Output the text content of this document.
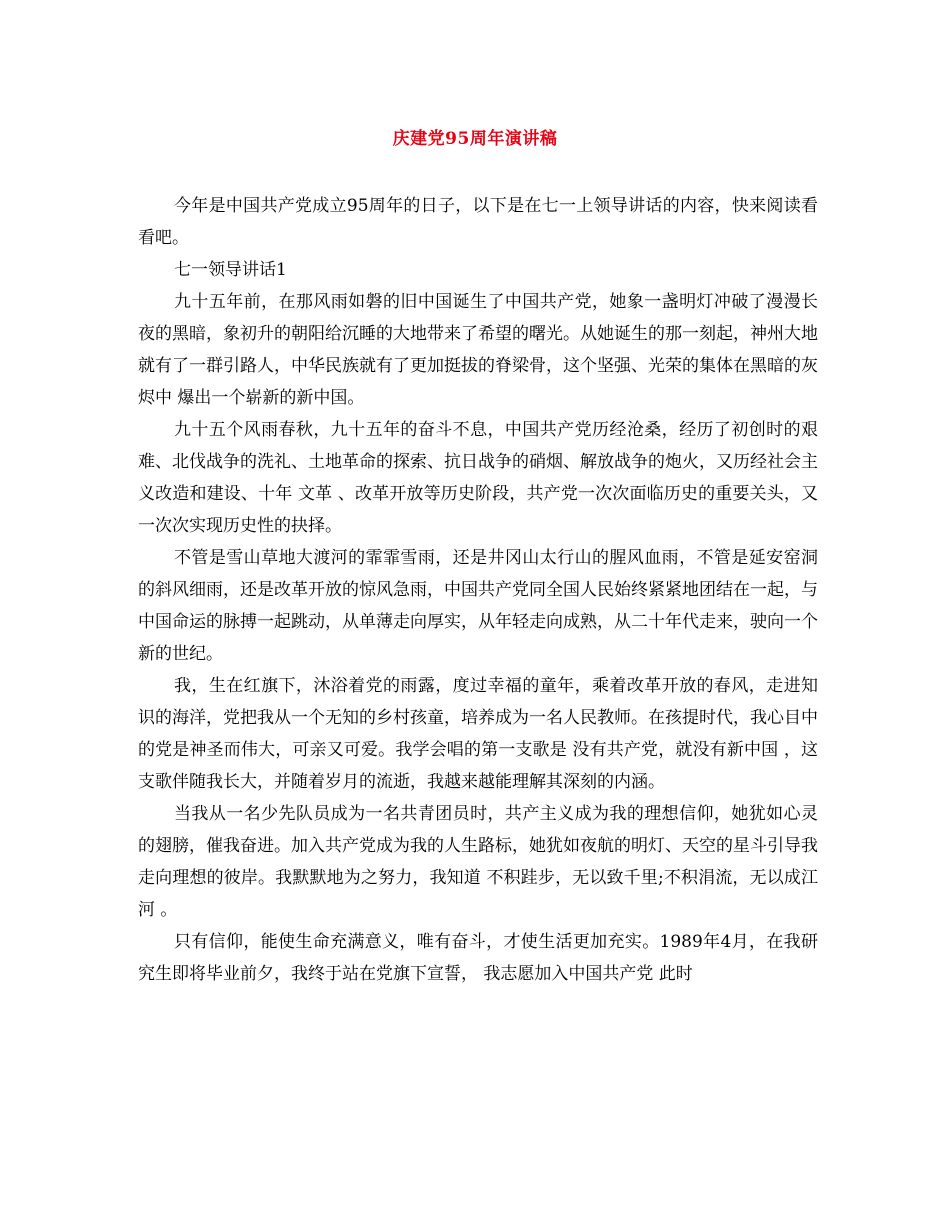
庆建党95周年演讲稿

今年是中国共产党成立95周年的日子，以下是在七一上领导讲话的内容，快来阅读看看吧。

七一领导讲话1

九十五年前，在那风雨如磐的旧中国诞生了中国共产党，她象一盏明灯冲破了漫漫长夜的黑暗，象初升的朝阳给沉睡的大地带来了希望的曙光。从她诞生的那一刻起，神州大地就有了一群引路人，中华民族就有了更加挺拔的脊梁骨，这个坚强、光荣的集体在黑暗的灰烬中 爆出一个崭新的新中国。

九十五个风雨春秋，九十五年的奋斗不息，中国共产党历经沧桑，经历了初创时的艰难、北伐战争的洗礼、土地革命的探索、抗日战争的硝烟、解放战争的炮火，又历经社会主义改造和建设、十年 文革 、改革开放等历史阶段，共产党一次次面临历史的重要关头，又一次次实现历史性的抉择。

不管是雪山草地大渡河的霏霏雪雨，还是井冈山太行山的腥风血雨，不管是延安窑洞的斜风细雨，还是改革开放的惊风急雨，中国共产党同全国人民始终紧紧地团结在一起，与中国命运的脉搏一起跳动，从单薄走向厚实，从年轻走向成熟，从二十年代走来，驶向一个新的世纪。

我，生在红旗下，沐浴着党的雨露，度过幸福的童年，乘着改革开放的春风，走进知识的海洋，党把我从一个无知的乡村孩童，培养成为一名人民教师。在孩提时代，我心目中的党是神圣而伟大，可亲又可爱。我学会唱的第一支歌是 没有共产党，就没有新中国 ，这支歌伴随我长大，并随着岁月的流逝，我越来越能理解其深刻的内涵。

当我从一名少先队员成为一名共青团员时，共产主义成为我的理想信仰，她犹如心灵的翅膀，催我奋进。加入共产党成为我的人生路标，她犹如夜航的明灯、天空的星斗引导我走向理想的彼岸。我默默地为之努力，我知道 不积跬步，无以致千里;不积涓流，无以成江河 。

只有信仰，能使生命充满意义，唯有奋斗，才使生活更加充实。1989年4月，在我研究生即将毕业前夕，我终于站在党旗下宣誓， 我志愿加入中国共产党 此时
